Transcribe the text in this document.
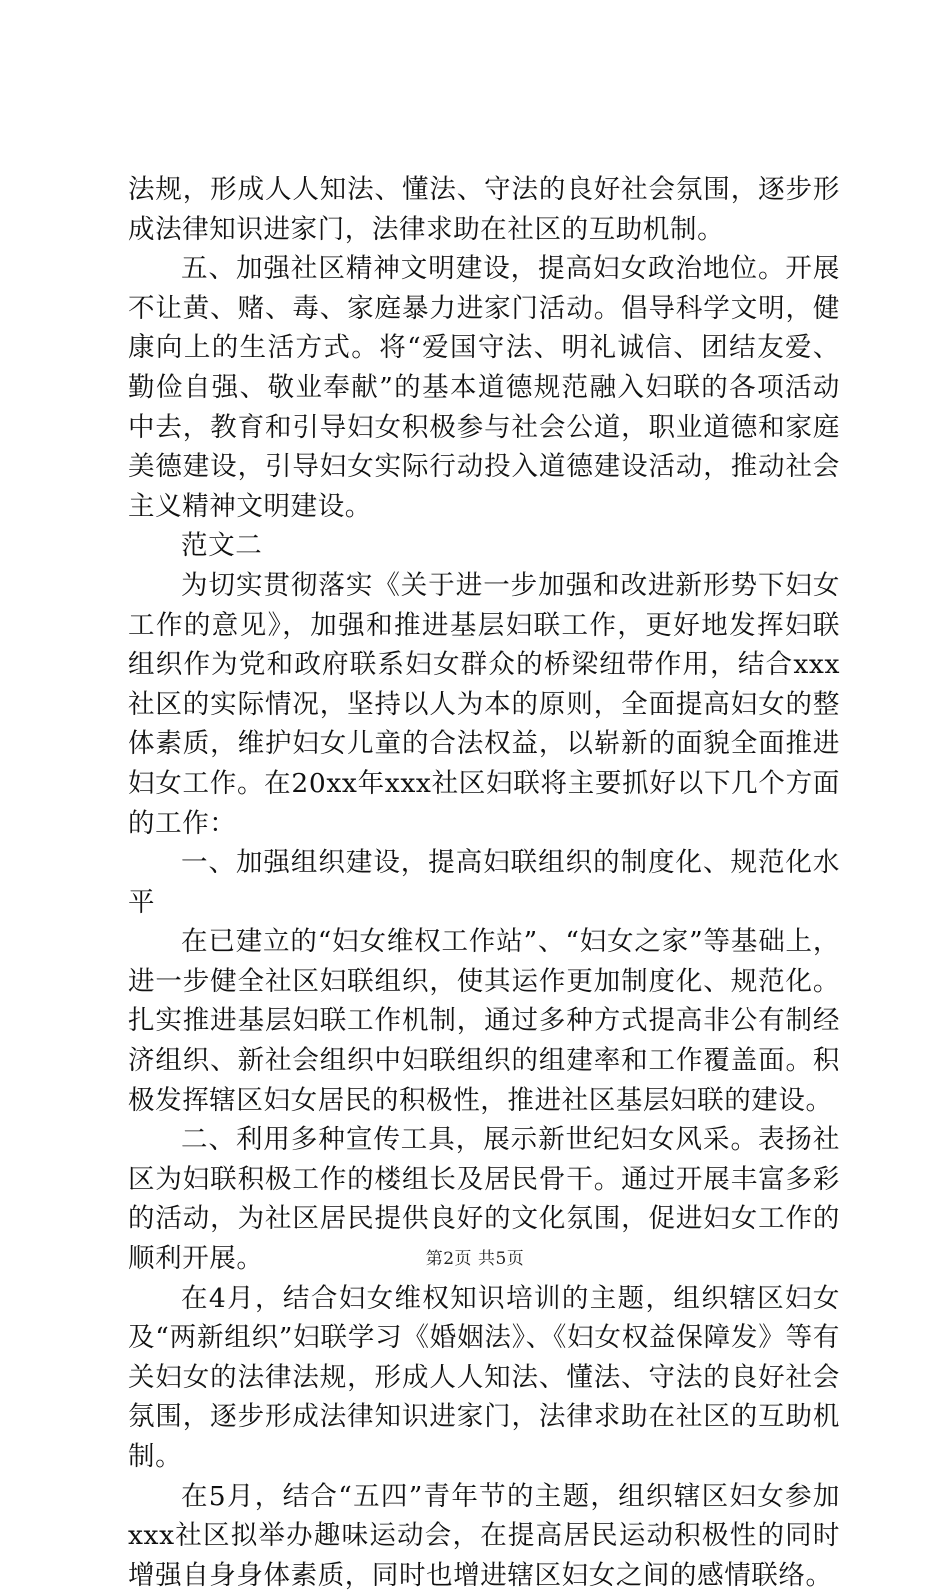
法规，形成人人知法、懂法、守法的良好社会氛围，逐步形成法律知识进家门，法律求助在社区的互助机制。

五、加强社区精神文明建设，提高妇女政治地位。开展不让黄、赌、毒、家庭暴力进家门活动。倡导科学文明，健康向上的生活方式。将“爱国守法、明礼诚信、团结友爱、勤俭自强、敬业奉献”的基本道德规范融入妇联的各项活动中去，教育和引导妇女积极参与社会公道，职业道德和家庭美德建设，引导妇女实际行动投入道德建设活动，推动社会主义精神文明建设。

范文二

为切实贯彻落实《关于进一步加强和改进新形势下妇女工作的意见》，加强和推进基层妇联工作，更好地发挥妇联组织作为党和政府联系妇女群众的桥梁纽带作用，结合xxx社区的实际情况，坚持以人为本的原则，全面提高妇女的整体素质，维护妇女儿童的合法权益，以崭新的面貌全面推进妇女工作。在20xx年xxx社区妇联将主要抓好以下几个方面的工作：

一、加强组织建设，提高妇联组织的制度化、规范化水平

在已建立的“妇女维权工作站”、“妇女之家”等基础上，进一步健全社区妇联组织，使其运作更加制度化、规范化。扎实推进基层妇联工作机制，通过多种方式提高非公有制经济组织、新社会组织中妇联组织的组建率和工作覆盖面。积极发挥辖区妇女居民的积极性，推进社区基层妇联的建设。

二、利用多种宣传工具，展示新世纪妇女风采。表扬社区为妇联积极工作的楼组长及居民骨干。通过开展丰富多彩的活动，为社区居民提供良好的文化氛围，促进妇女工作的顺利开展。

在4月，结合妇女维权知识培训的主题，组织辖区妇女及“两新组织”妇联学习《婚姻法》、《妇女权益保障发》等有关妇女的法律法规，形成人人知法、懂法、守法的良好社会氛围，逐步形成法律知识进家门，法律求助在社区的互助机制。

在5月，结合“五四”青年节的主题，组织辖区妇女参加xxx社区拟举办趣味运动会，在提高居民运动积极性的同时增强自身身体素质，同时也增进辖区妇女之间的感情联络。

第2页 共5页
